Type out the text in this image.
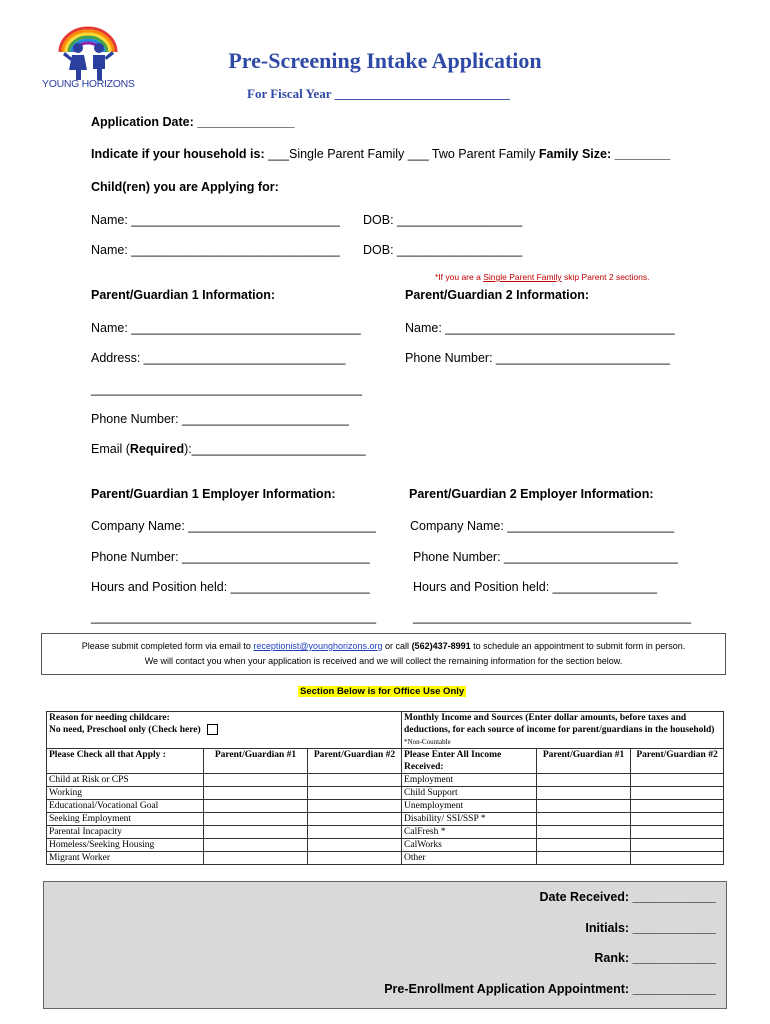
YOUNG HORIZONS
Pre-Screening Intake Application
For Fiscal Year ___________________________
Application Date: ______________
Indicate if your household is: ___Single Parent Family ___ Two Parent Family Family Size: ________
Child(ren) you are Applying for:
Name: ______________________________ DOB: __________________
Name: ______________________________ DOB: __________________
*If you are a Single Parent Family skip Parent 2 sections.
Parent/Guardian 1 Information:	Parent/Guardian 2 Information:
Name: _________________________________	Name: _________________________________
Address: _____________________________	Phone Number: _________________________
_______________________________________
Phone Number: ________________________
Email (Required):_________________________
Parent/Guardian 1 Employer Information:	Parent/Guardian 2 Employer Information:
Company Name: ___________________________	Company Name: ________________________
Phone Number: ___________________________	Phone Number: _________________________
Hours and Position held: ____________________	Hours and Position held: _______________
_________________________________________	________________________________________
Please submit completed form via email to receptionist@younghorizons.org or call (562)437-8991 to schedule an appointment to submit form in person.
We will contact you when your application is received and we will collect the remaining information for the section below.
Section Below is for Office Use Only
Reason for needing childcare:
No need, Preschool only (Check here)			Monthly Income and Sources (Enter dollar amounts, before taxes and deductions, for each source of income for parent/guardians in the household) *Non-Countable		
Please Check all that Apply :	Parent/Guardian #1	Parent/Guardian #2	Please Enter All Income Received:	Parent/Guardian #1	Parent/Guardian #2
Child at Risk or CPS			Employment		
Working			Child Support		
Educational/Vocational Goal			Unemployment		
Seeking Employment			Disability/ SSI/SSP *		
Parental Incapacity			CalFresh *		
Homeless/Seeking Housing			CalWorks		
Migrant Worker			Other		
Date Received: ____________
Initials: ____________
Rank: ____________
Pre-Enrollment Application Appointment: ____________
